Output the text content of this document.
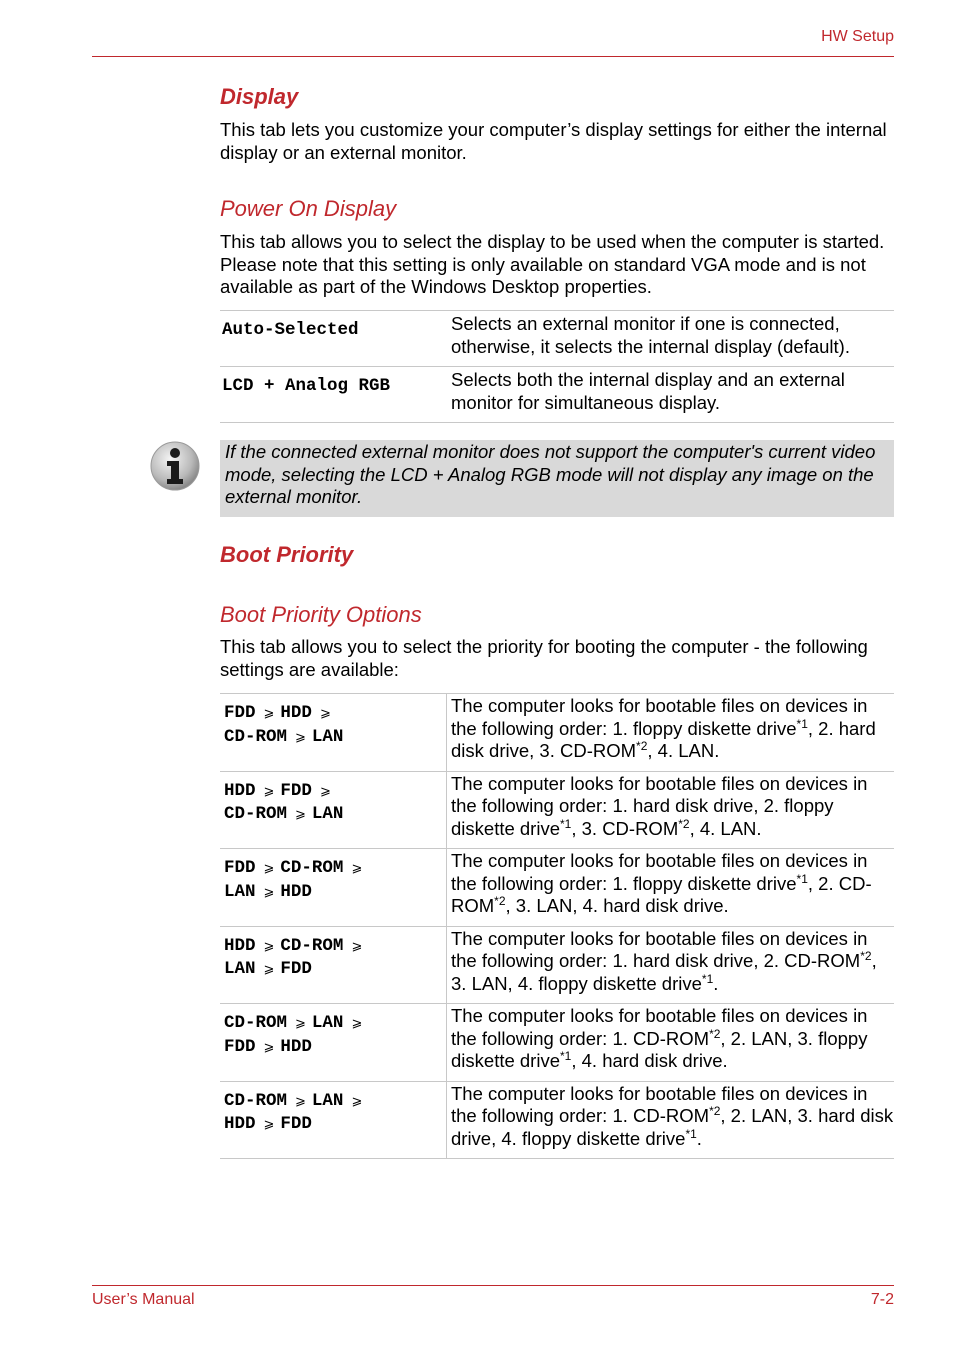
HW Setup
Display
This tab lets you customize your computer’s display settings for either the internal display or an external monitor.
Power On Display
This tab allows you to select the display to be used when the computer is started. Please note that this setting is only available on standard VGA mode and is not available as part of the Windows Desktop properties.
Auto-Selected	Selects an external monitor if one is connected, otherwise, it selects the internal display (default).
LCD + Analog RGB	Selects both the internal display and an external monitor for simultaneous display.
If the connected external monitor does not support the computer's current video mode, selecting the LCD + Analog RGB mode will not display any image on the external monitor.
Boot Priority
Boot Priority Options
This tab allows you to select the priority for booting the computer - the following settings are available:
FDD ⩾ HDD ⩾
CD-ROM ⩾ LAN	The computer looks for bootable files on devices in the following order: 1. floppy diskette drive$^{*1}$, 2. hard disk drive, 3. CD-ROM$^{*2}$, 4. LAN.

HDD ⩾ FDD ⩾
CD-ROM ⩾ LAN	The computer looks for bootable files on devices in the following order: 1. hard disk drive, 2. floppy diskette drive$^{*1}$, 3. CD-ROM$^{*2}$, 4. LAN.

FDD ⩾ CD-ROM ⩾
LAN ⩾ HDD	The computer looks for bootable files on devices in the following order: 1. floppy diskette drive$^{*1}$, 2. CD-ROM$^{*2}$, 3. LAN, 4. hard disk drive.

HDD ⩾ CD-ROM ⩾
LAN ⩾ FDD	The computer looks for bootable files on devices in the following order: 1. hard disk drive, 2. CD-ROM$^{*2}$, 3. LAN, 4. floppy diskette drive$^{*1}$.

CD-ROM ⩾ LAN ⩾
FDD ⩾ HDD	The computer looks for bootable files on devices in the following order: 1. CD-ROM$^{*2}$, 2. LAN, 3. floppy diskette drive$^{*1}$, 4. hard disk drive.

CD-ROM ⩾ LAN ⩾
HDD ⩾ FDD	The computer looks for bootable files on devices in the following order: 1. CD-ROM$^{*2}$, 2. LAN, 3. hard disk drive, 4. floppy diskette drive$^{*1}$.
User’s Manual	7-2
